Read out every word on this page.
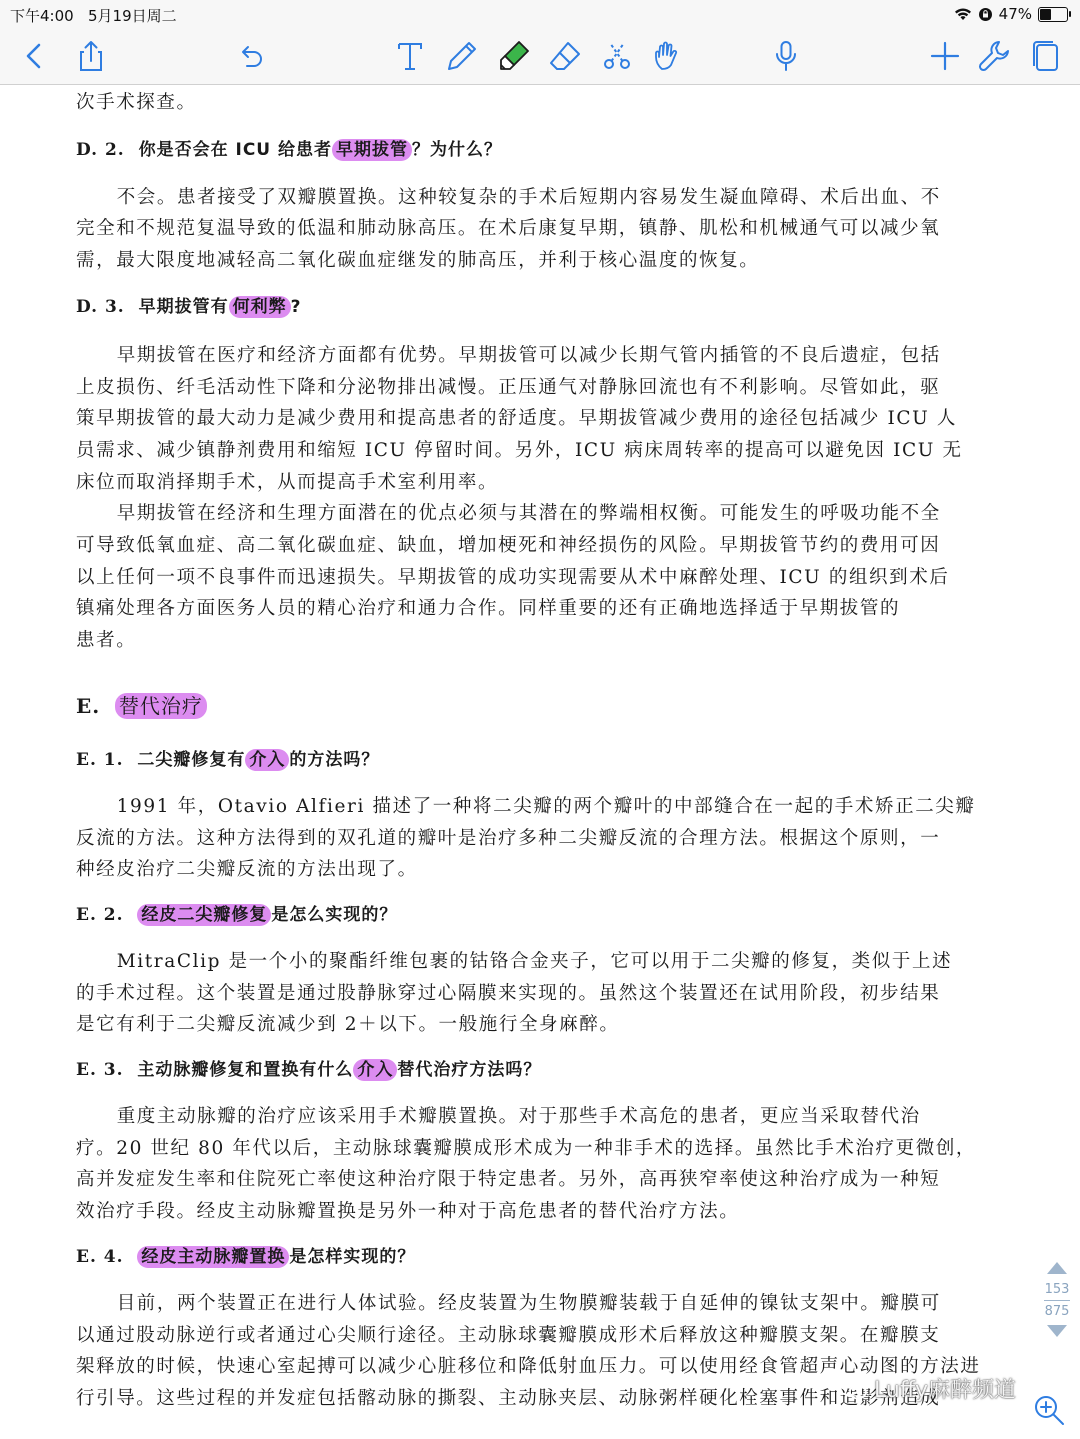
下午4:00 5月19日周二	47%

次手术探查。

D. 2. 你是否会在 ICU 给患者 早期拔管 ？为什么？

不会。患者接受了双瓣膜置换。这种较复杂的手术后短期内容易发生凝血障碍、术后出血、不

完全和不规范复温导致的低温和肺动脉高压。在术后康复早期，镇静、肌松和机械通气可以减少氧

需，最大限度地减轻高二氧化碳血症继发的肺高压，并利于核心温度的恢复。

D. 3. 早期拔管有 何利弊 ?

早期拔管在医疗和经济方面都有优势。早期拔管可以减少长期气管内插管的不良后遗症，包括

上皮损伤、纤毛活动性下降和分泌物排出减慢。正压通气对静脉回流也有不利影响。尽管如此，驱

策早期拔管的最大动力是减少费用和提高患者的舒适度。早期拔管减少费用的途径包括减少 ICU 人

员需求、减少镇静剂费用和缩短 ICU 停留时间。另外，ICU 病床周转率的提高可以避免因 ICU 无

床位而取消择期手术，从而提高手术室利用率。

早期拔管在经济和生理方面潜在的优点必须与其潜在的弊端相权衡。可能发生的呼吸功能不全

可导致低氧血症、高二氧化碳血症、缺血，增加梗死和神经损伤的风险。早期拔管节约的费用可因

以上任何一项不良事件而迅速损失。早期拔管的成功实现需要从术中麻醉处理、ICU 的组织到术后

镇痛处理各方面医务人员的精心治疗和通力合作。同样重要的还有正确地选择适于早期拔管的

患者。

E. 替代治疗

E. 1. 二尖瓣修复有 介入 的方法吗？

1991 年，Otavio Alfieri 描述了一种将二尖瓣的两个瓣叶的中部缝合在一起的手术矫正二尖瓣

反流的方法。这种方法得到的双孔道的瓣叶是治疗多种二尖瓣反流的合理方法。根据这个原则，一

种经皮治疗二尖瓣反流的方法出现了。

E. 2. 经皮二尖瓣修复 是怎么实现的？

MitraClip 是一个小的聚酯纤维包裹的钴铬合金夹子，它可以用于二尖瓣的修复，类似于上述

的手术过程。这个装置是通过股静脉穿过心隔膜来实现的。虽然这个装置还在试用阶段，初步结果

是它有利于二尖瓣反流减少到 2＋以下。一般施行全身麻醉。

E. 3. 主动脉瓣修复和置换有什么 介入 替代治疗方法吗？

重度主动脉瓣的治疗应该采用手术瓣膜置换。对于那些手术高危的患者，更应当采取替代治

疗。20 世纪 80 年代以后，主动脉球囊瓣膜成形术成为一种非手术的选择。虽然比手术治疗更微创，

高并发症发生率和住院死亡率使这种治疗限于特定患者。另外，高再狭窄率使这种治疗成为一种短

效治疗手段。经皮主动脉瓣置换是另外一种对于高危患者的替代治疗方法。

E. 4. 经皮主动脉瓣置换 是怎样实现的？

目前，两个装置正在进行人体试验。经皮装置为生物膜瓣装载于自延伸的镍钛支架中。瓣膜可

以通过股动脉逆行或者通过心尖顺行途径。主动脉球囊瓣膜成形术后释放这种瓣膜支架。在瓣膜支

架释放的时候，快速心室起搏可以减少心脏移位和降低射血压力。可以使用经食管超声心动图的方法进

行引导。这些过程的并发症包括髂动脉的撕裂、主动脉夹层、动脉粥样硬化栓塞事件和造影剂造成

153
875
Luffy麻醉频道
